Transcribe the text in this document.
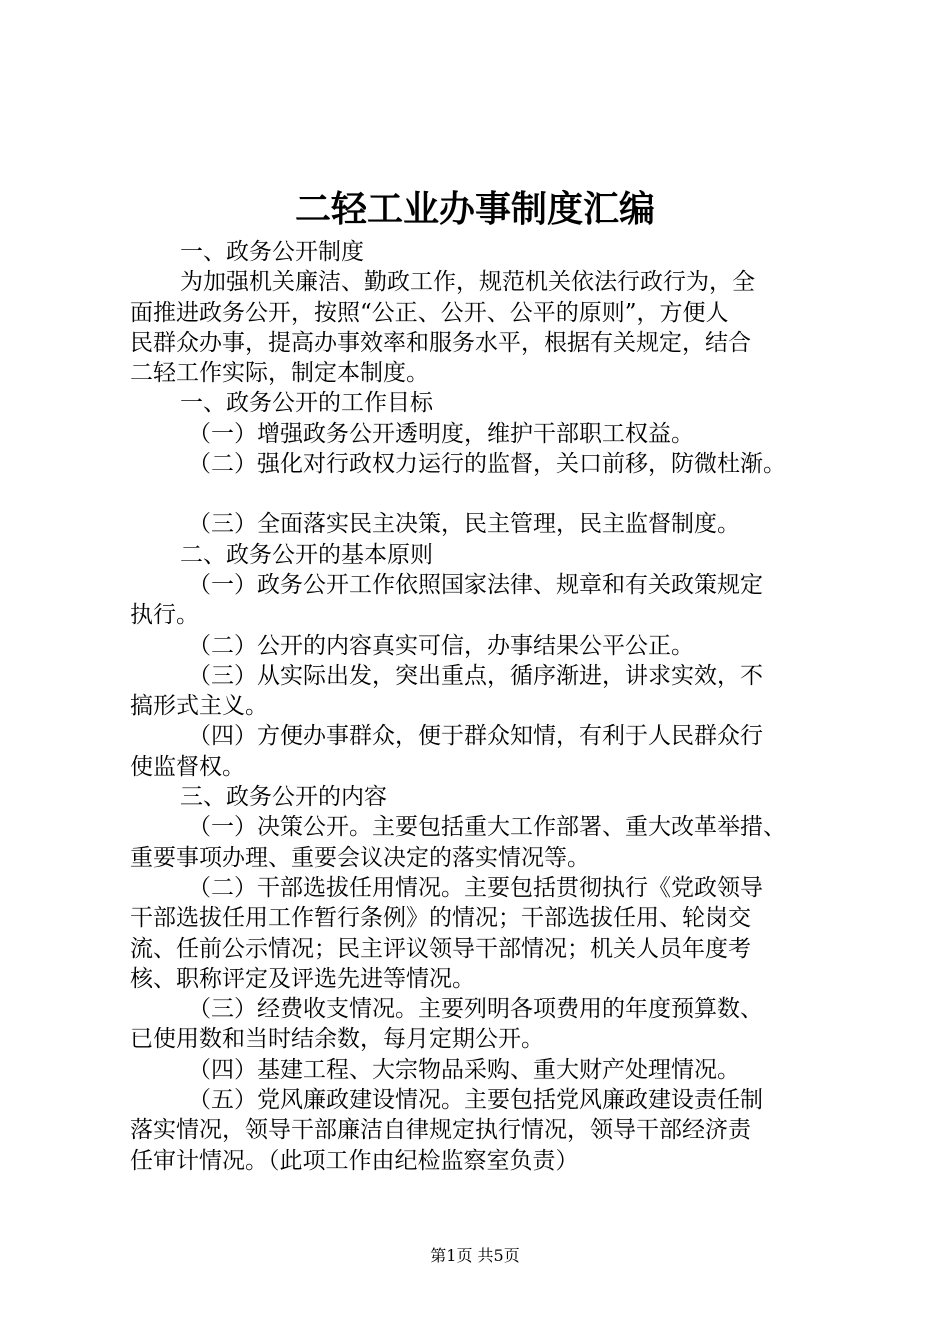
二轻工业办事制度汇编

一、政务公开制度

为加强机关廉洁、勤政工作，规范机关依法行政行为，全

面推进政务公开，按照“公正、公开、公平的原则”，方便人

民群众办事，提高办事效率和服务水平，根据有关规定，结合

二轻工作实际，制定本制度。

一、政务公开的工作目标

（一）增强政务公开透明度，维护干部职工权益。

（二）强化对行政权力运行的监督，关口前移，防微杜渐。

（三）全面落实民主决策，民主管理，民主监督制度。

二、政务公开的基本原则

（一）政务公开工作依照国家法律、规章和有关政策规定

执行。

（二）公开的内容真实可信，办事结果公平公正。

（三）从实际出发，突出重点，循序渐进，讲求实效，不

搞形式主义。

（四）方便办事群众，便于群众知情，有利于人民群众行

使监督权。

三、政务公开的内容

（一）决策公开。主要包括重大工作部署、重大改革举措、

重要事项办理、重要会议决定的落实情况等。

（二）干部选拔任用情况。主要包括贯彻执行《党政领导

干部选拔任用工作暂行条例》的情况；干部选拔任用、轮岗交

流、任前公示情况；民主评议领导干部情况；机关人员年度考

核、职称评定及评选先进等情况。

（三）经费收支情况。主要列明各项费用的年度预算数、

已使用数和当时结余数，每月定期公开。

（四）基建工程、大宗物品采购、重大财产处理情况。

（五）党风廉政建设情况。主要包括党风廉政建设责任制

落实情况，领导干部廉洁自律规定执行情况，领导干部经济责

任审计情况。（此项工作由纪检监察室负责）

第1页 共5页
